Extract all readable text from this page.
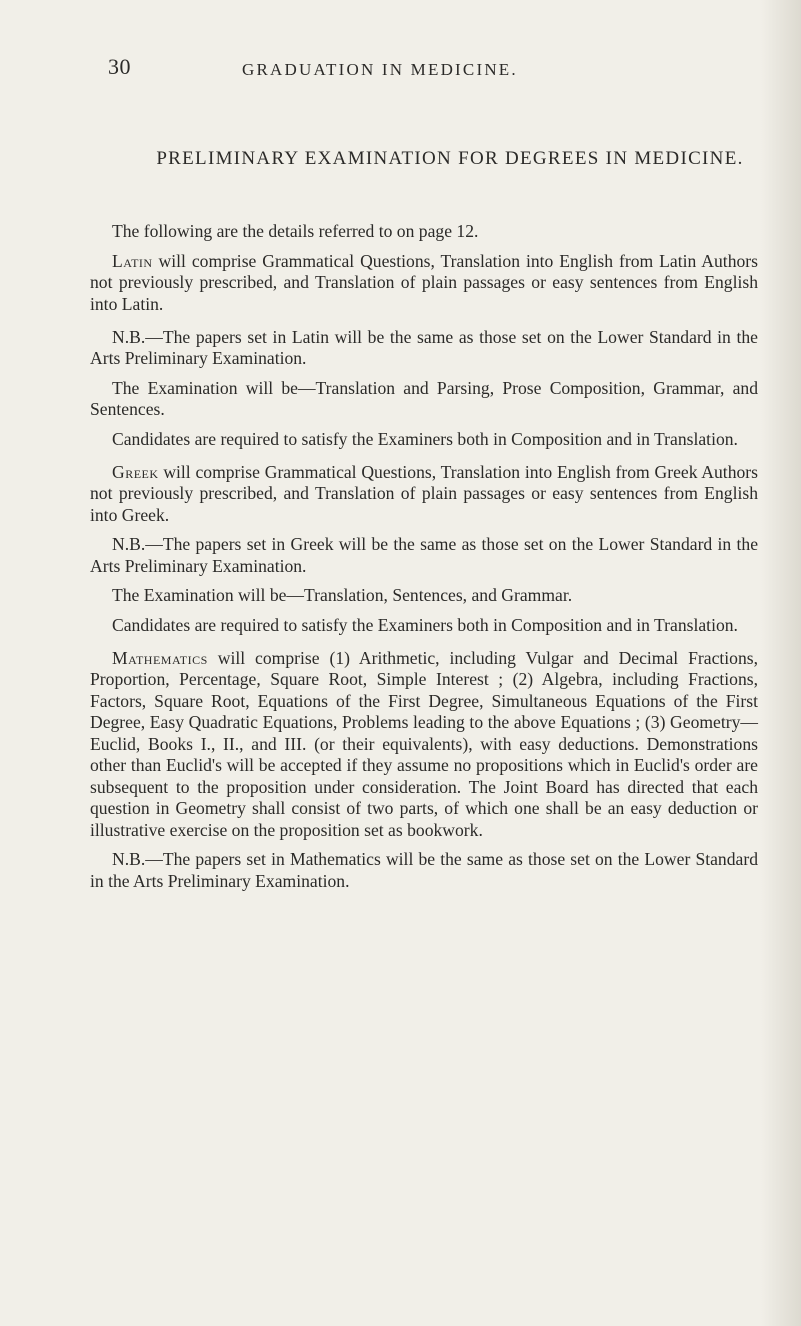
30	GRADUATION IN MEDICINE.
PRELIMINARY EXAMINATION FOR DEGREES IN MEDICINE.

The following are the details referred to on page 12.

Latin will comprise Grammatical Questions, Translation into English from Latin Authors not previously prescribed, and Translation of plain passages or easy sentences from English into Latin.

N.B.—The papers set in Latin will be the same as those set on the Lower Standard in the Arts Preliminary Examination.

The Examination will be—Translation and Parsing, Prose Composition, Grammar, and Sentences.

Candidates are required to satisfy the Examiners both in Composition and in Translation.

Greek will comprise Grammatical Questions, Translation into English from Greek Authors not previously prescribed, and Translation of plain passages or easy sentences from English into Greek.

N.B.—The papers set in Greek will be the same as those set on the Lower Standard in the Arts Preliminary Examination.

The Examination will be—Translation, Sentences, and Grammar.

Candidates are required to satisfy the Examiners both in Composition and in Translation.

Mathematics will comprise (1) Arithmetic, including Vulgar and Decimal Fractions, Proportion, Percentage, Square Root, Simple Interest ; (2) Algebra, including Fractions, Factors, Square Root, Equations of the First Degree, Simultaneous Equations of the First Degree, Easy Quadratic Equations, Problems leading to the above Equations ; (3) Geometry—Euclid, Books I., II., and III. (or their equivalents), with easy deductions. Demonstrations other than Euclid's will be accepted if they assume no propositions which in Euclid's order are subsequent to the proposition under consideration. The Joint Board has directed that each question in Geometry shall consist of two parts, of which one shall be an easy deduction or illustrative exercise on the proposition set as bookwork.

N.B.—The papers set in Mathematics will be the same as those set on the Lower Standard in the Arts Preliminary Examination.
